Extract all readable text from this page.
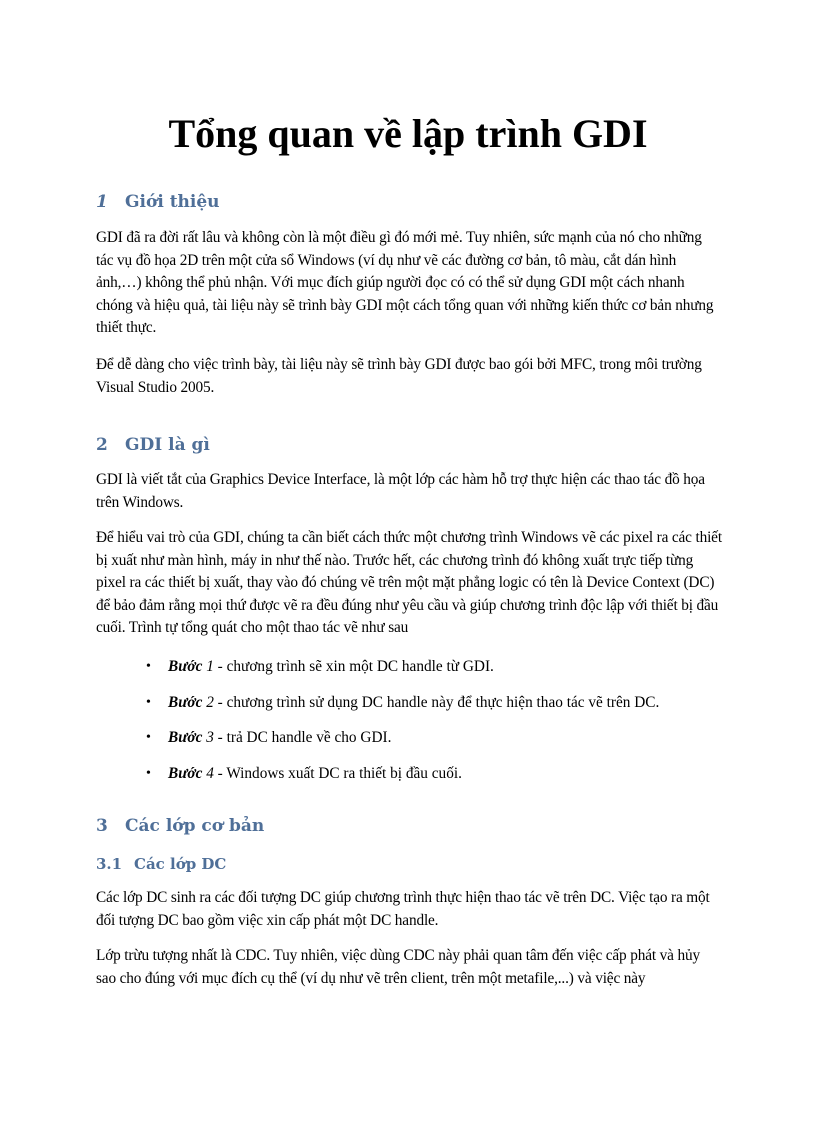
Tổng quan về lập trình GDI
1 Giới thiệu

GDI đã ra đời rất lâu và không còn là một điều gì đó mới mẻ. Tuy nhiên, sức mạnh của nó cho những tác vụ đồ họa 2D trên một cửa sổ Windows (ví dụ như vẽ các đường cơ bản, tô màu, cắt dán hình ảnh,…) không thể phủ nhận. Với mục đích giúp người đọc có có thể sử dụng GDI một cách nhanh chóng và hiệu quả, tài liệu này sẽ trình bày GDI một cách tổng quan với những kiến thức cơ bản nhưng thiết thực.

Để dễ dàng cho việc trình bày, tài liệu này sẽ trình bày GDI được bao gói bởi MFC, trong môi trường Visual Studio 2005.

2 GDI là gì

GDI là viết tắt của Graphics Device Interface, là một lớp các hàm hỗ trợ thực hiện các thao tác đồ họa trên Windows.

Để hiểu vai trò của GDI, chúng ta cần biết cách thức một chương trình Windows vẽ các pixel ra các thiết bị xuất như màn hình, máy in như thế nào. Trước hết, các chương trình đó không xuất trực tiếp từng pixel ra các thiết bị xuất, thay vào đó chúng vẽ trên một mặt phẳng logic có tên là Device Context (DC) để bảo đảm rằng mọi thứ được vẽ ra đều đúng như yêu cầu và giúp chương trình độc lập với thiết bị đầu cuối. Trình tự tổng quát cho một thao tác vẽ như sau

• Bước 1 - chương trình sẽ xin một DC handle từ GDI.
• Bước 2 - chương trình sử dụng DC handle này để thực hiện thao tác vẽ trên DC.
• Bước 3 - trả DC handle về cho GDI.
• Bước 4 - Windows xuất DC ra thiết bị đầu cuối.
3 Các lớp cơ bản
3.1 Các lớp DC

Các lớp DC sinh ra các đối tượng DC giúp chương trình thực hiện thao tác vẽ trên DC. Việc tạo ra một đối tượng DC bao gồm việc xin cấp phát một DC handle.

Lớp trừu tượng nhất là CDC. Tuy nhiên, việc dùng CDC này phải quan tâm đến việc cấp phát và hủy sao cho đúng với mục đích cụ thể (ví dụ như vẽ trên client, trên một metafile,...) và việc này
